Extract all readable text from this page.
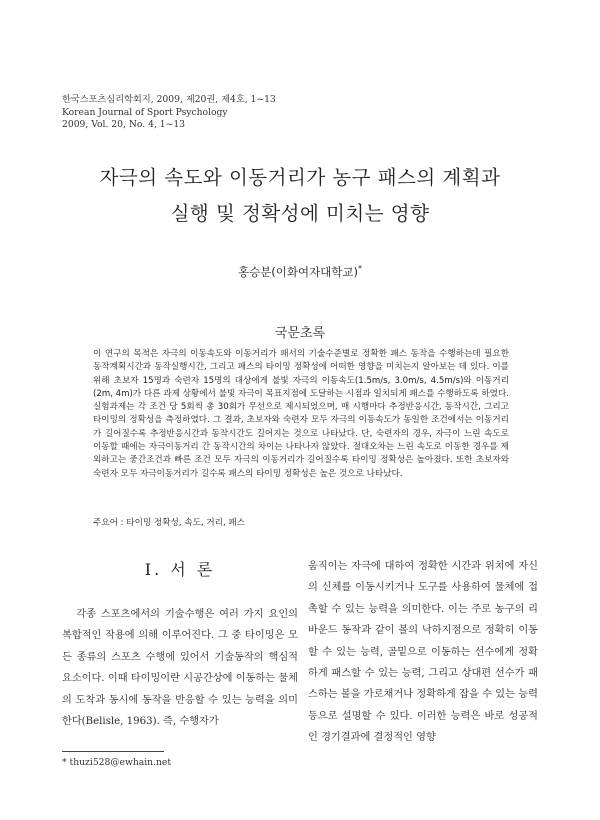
한국스포츠심리학회지, 2009, 제20권, 제4호, 1~13
Korean Journal of Sport Psychology
2009, Vol. 20, No. 4, 1~13
자극의 속도와 이동거리가 농구 패스의 계획과
실행 및 정확성에 미치는 영향
홍승분(이화여자대학교)*
국문초록

이 연구의 목적은 자극의 이동속도와 이동거리가 패서의 기술수준별로 정확한 패스 동작을 수행하는데 필요한 동작계획시간과 동작실행시간, 그리고 패스의 타이밍 정확성에 어떠한 영향을 미치는지 알아보는 데 있다. 이를 위해 초보자 15명과 숙련자 15명의 대상에게 불빛 자극의 이동속도(1.5m/s, 3.0m/s, 4.5m/s)와 이동거리(2m, 4m)가 다른 과제 상황에서 불빛 자극이 목표지점에 도달하는 시점과 일치되게 패스를 수행하도록 하였다. 실험과제는 각 조건 당 5회씩 총 30회가 무선으로 제시되었으며, 매 시행마다 추정반응시간, 동작시간, 그리고 타이밍의 정확성을 측정하였다. 그 결과, 초보자와 숙련자 모두 자극의 이동속도가 동일한 조건에서는 이동거리가 길어질수록 추정반응시간과 동작시간도 길어지는 것으로 나타났다. 단, 숙련자의 경우, 자극이 느린 속도로 이동할 때에는 자극이동거리 간 동작시간의 차이는 나타나지 않았다. 절대오차는 느린 속도로 이동한 경우를 제외하고는 중간조건과 빠른 조건 모두 자극의 이동거리가 길어질수록 타이밍 정확성은 높아졌다. 또한 초보자와 숙련자 모두 자극이동거리가 길수록 패스의 타이밍 정확성은 높은 것으로 나타났다.

주요어 : 타이밍 정확성, 속도, 거리, 패스
Ⅰ. 서 론

각종 스포츠에서의 기술수행은 여러 가지 요인의 복합적인 작용에 의해 이루어진다. 그 중 타이밍은 모든 종류의 스포츠 수행에 있어서 기술동작의 핵심적 요소이다. 이때 타이밍이란 시공간상에 이동하는 물체의 도착과 동시에 동작을 반응할 수 있는 능력을 의미한다(Belisle, 1963). 즉, 수행자가

움직이는 자극에 대하여 정확한 시간과 위치에 자신의 신체를 이동시키거나 도구를 사용하여 물체에 접촉할 수 있는 능력을 의미한다. 이는 주로 농구의 리바운드 동작과 같이 볼의 낙하지점으로 정확히 이동할 수 있는 능력, 골밑으로 이동하는 선수에게 정확하게 패스할 수 있는 능력, 그리고 상대편 선수가 패스하는 볼을 가로채거나 정확하게 잡을 수 있는 능력 등으로 설명할 수 있다. 이러한 능력은 바로 성공적인 경기결과에 결정적인 영향

* thuzi528@ewhain.net
